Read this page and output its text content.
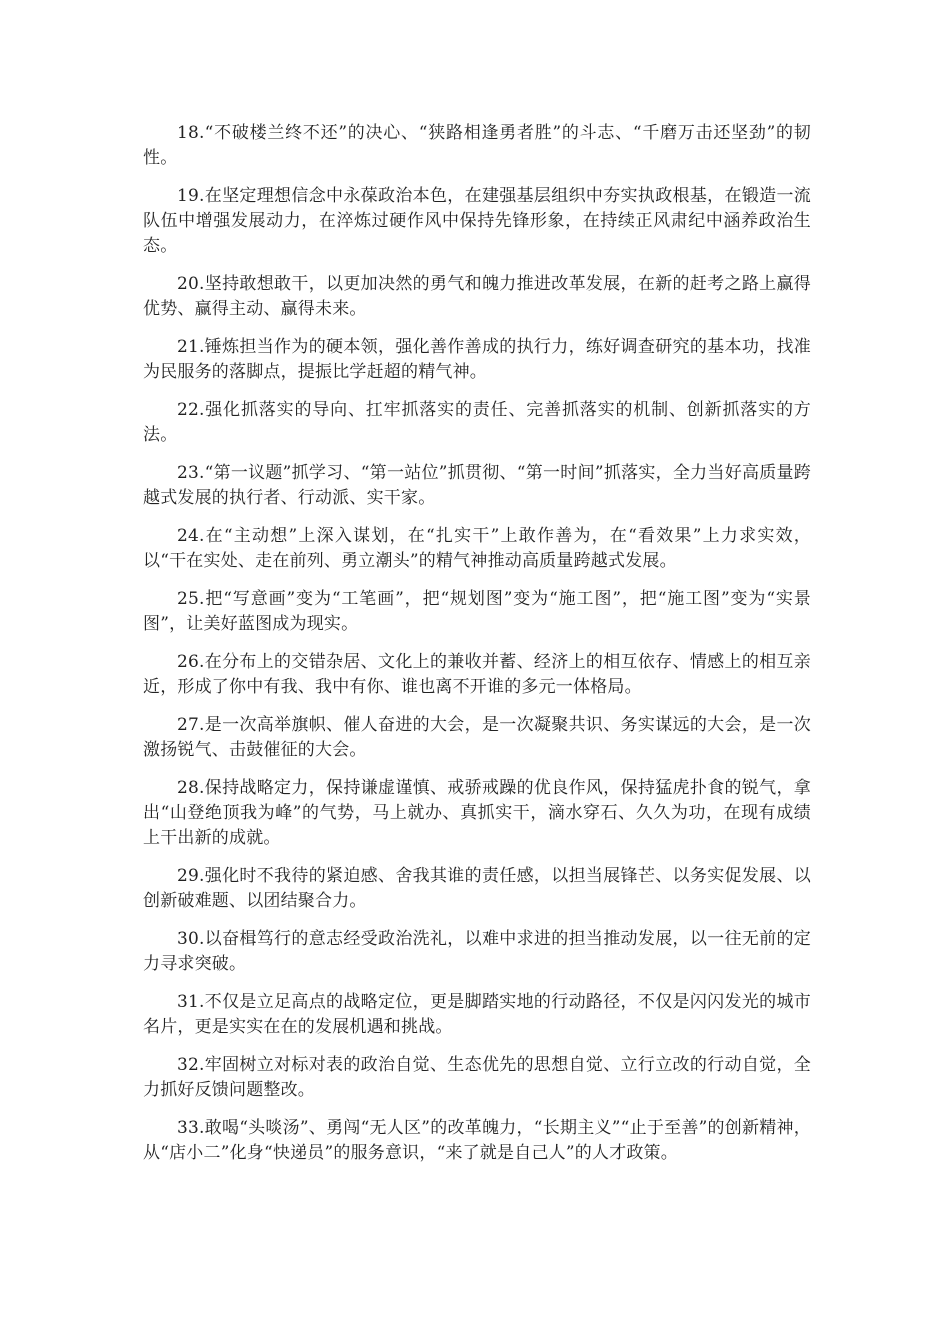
18.“不破楼兰终不还”的决心、“狭路相逢勇者胜”的斗志、“千磨万击还坚劲”的韧性。

19.在坚定理想信念中永葆政治本色，在建强基层组织中夯实执政根基，在锻造一流队伍中增强发展动力，在淬炼过硬作风中保持先锋形象，在持续正风肃纪中涵养政治生态。

20.坚持敢想敢干，以更加决然的勇气和魄力推进改革发展，在新的赶考之路上赢得优势、赢得主动、赢得未来。

21.锤炼担当作为的硬本领，强化善作善成的执行力，练好调查研究的基本功，找准为民服务的落脚点，提振比学赶超的精气神。

22.强化抓落实的导向、扛牢抓落实的责任、完善抓落实的机制、创新抓落实的方法。

23.“第一议题”抓学习、“第一站位”抓贯彻、“第一时间”抓落实，全力当好高质量跨越式发展的执行者、行动派、实干家。

24.在“主动想”上深入谋划，在“扎实干”上敢作善为，在“看效果”上力求实效，以“干在实处、走在前列、勇立潮头”的精气神推动高质量跨越式发展。

25.把“写意画”变为“工笔画”，把“规划图”变为“施工图”，把“施工图”变为“实景图”，让美好蓝图成为现实。

26.在分布上的交错杂居、文化上的兼收并蓄、经济上的相互依存、情感上的相互亲近，形成了你中有我、我中有你、谁也离不开谁的多元一体格局。

27.是一次高举旗帜、催人奋进的大会，是一次凝聚共识、务实谋远的大会，是一次激扬锐气、击鼓催征的大会。

28.保持战略定力，保持谦虚谨慎、戒骄戒躁的优良作风，保持猛虎扑食的锐气，拿出“山登绝顶我为峰”的气势，马上就办、真抓实干，滴水穿石、久久为功，在现有成绩上干出新的成就。

29.强化时不我待的紧迫感、舍我其谁的责任感，以担当展锋芒、以务实促发展、以创新破难题、以团结聚合力。

30.以奋楫笃行的意志经受政治洗礼，以难中求进的担当推动发展，以一往无前的定力寻求突破。

31.不仅是立足高点的战略定位，更是脚踏实地的行动路径，不仅是闪闪发光的城市名片，更是实实在在的发展机遇和挑战。

32.牢固树立对标对表的政治自觉、生态优先的思想自觉、立行立改的行动自觉，全力抓好反馈问题整改。

33.敢喝“头啖汤”、勇闯“无人区”的改革魄力，“长期主义”“止于至善”的创新精神，从“店小二”化身“快递员”的服务意识，“来了就是自己人”的人才政策。
